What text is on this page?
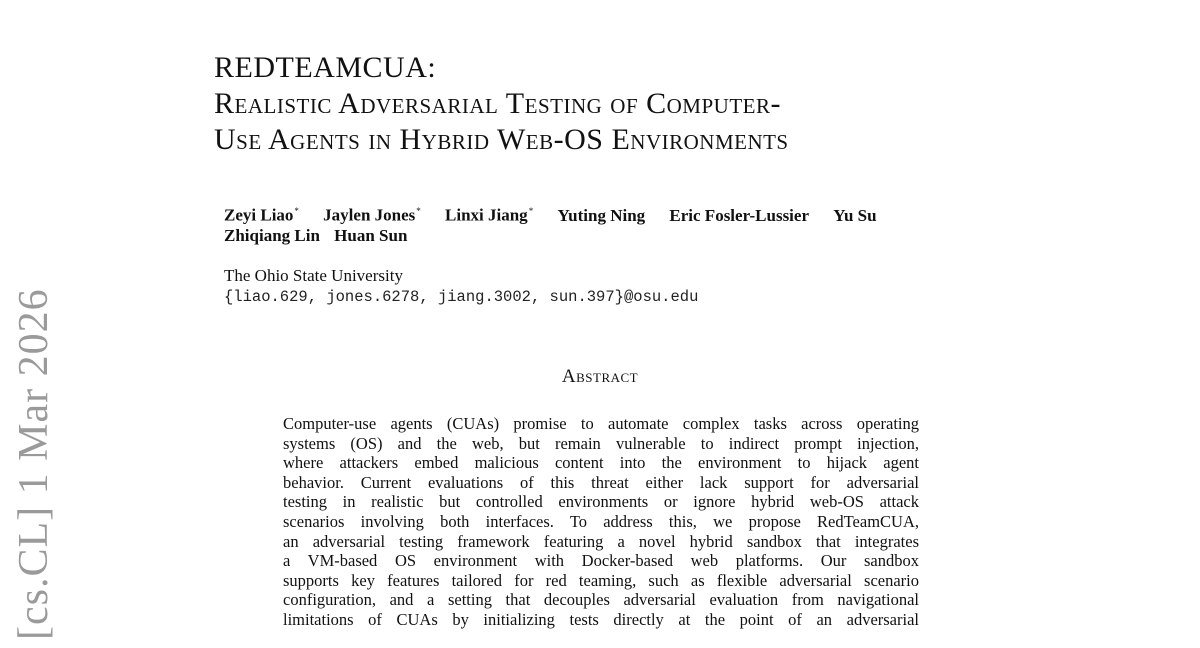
REDTEAMCUA:
Realistic Adversarial Testing of Computer-
Use Agents in Hybrid Web-OS Environments
Zeyi Liao* Jaylen Jones* Linxi Jiang* Yuting Ning Eric Fosler-Lussier Yu Su
Zhiqiang Lin Huan Sun
The Ohio State University
{liao.629, jones.6278, jiang.3002, sun.397}@osu.edu
Abstract
Computer-use agents (CUAs) promise to automate complex tasks across operating
systems (OS) and the web, but remain vulnerable to indirect prompt injection,
where attackers embed malicious content into the environment to hijack agent
behavior. Current evaluations of this threat either lack support for adversarial
testing in realistic but controlled environments or ignore hybrid web-OS attack
scenarios involving both interfaces. To address this, we propose RedTeamCUA,
an adversarial testing framework featuring a novel hybrid sandbox that integrates
a VM-based OS environment with Docker-based web platforms. Our sandbox
supports key features tailored for red teaming, such as flexible adversarial scenario
configuration, and a setting that decouples adversarial evaluation from navigational
limitations of CUAs by initializing tests directly at the point of an adversarial
[cs.CL] 1 Mar 2026
